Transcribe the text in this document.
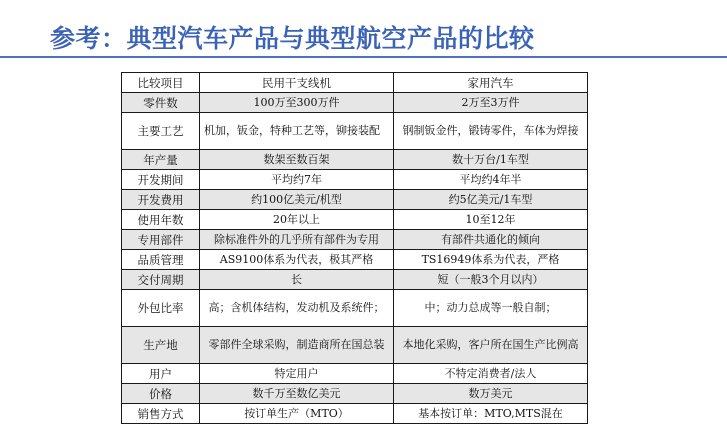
参考：典型汽车产品与典型航空产品的比较
比较项目	民用干支线机	家用汽车
零件数	100万至300万件	2万至3万件
主要工艺	机加，钣金，特种工艺等，铆接装配	钢制钣金件，锻铸零件，车体为焊接
年产量	数架至数百架	数十万台/1车型
开发期间	平均约7年	平均约4年半
开发费用	约100亿美元/机型	约5亿美元/1车型
使用年数	20年以上	10至12年
专用部件	除标准件外的几乎所有部件为专用	有部件共通化的倾向
品质管理	AS9100体系为代表，极其严格	TS16949体系为代表，严格
交付周期	长	短（一般3个月以内）
外包比率	高；含机体结构，发动机及系统件；	中；动力总成等一般自制；
生产地	零部件全球采购，制造商所在国总装	本地化采购，客户所在国生产比例高
用户	特定用户	不特定消费者/法人
价格	数千万至数亿美元	数万美元
销售方式	按订单生产（MTO）	基本按订单：MTO,MTS混在
